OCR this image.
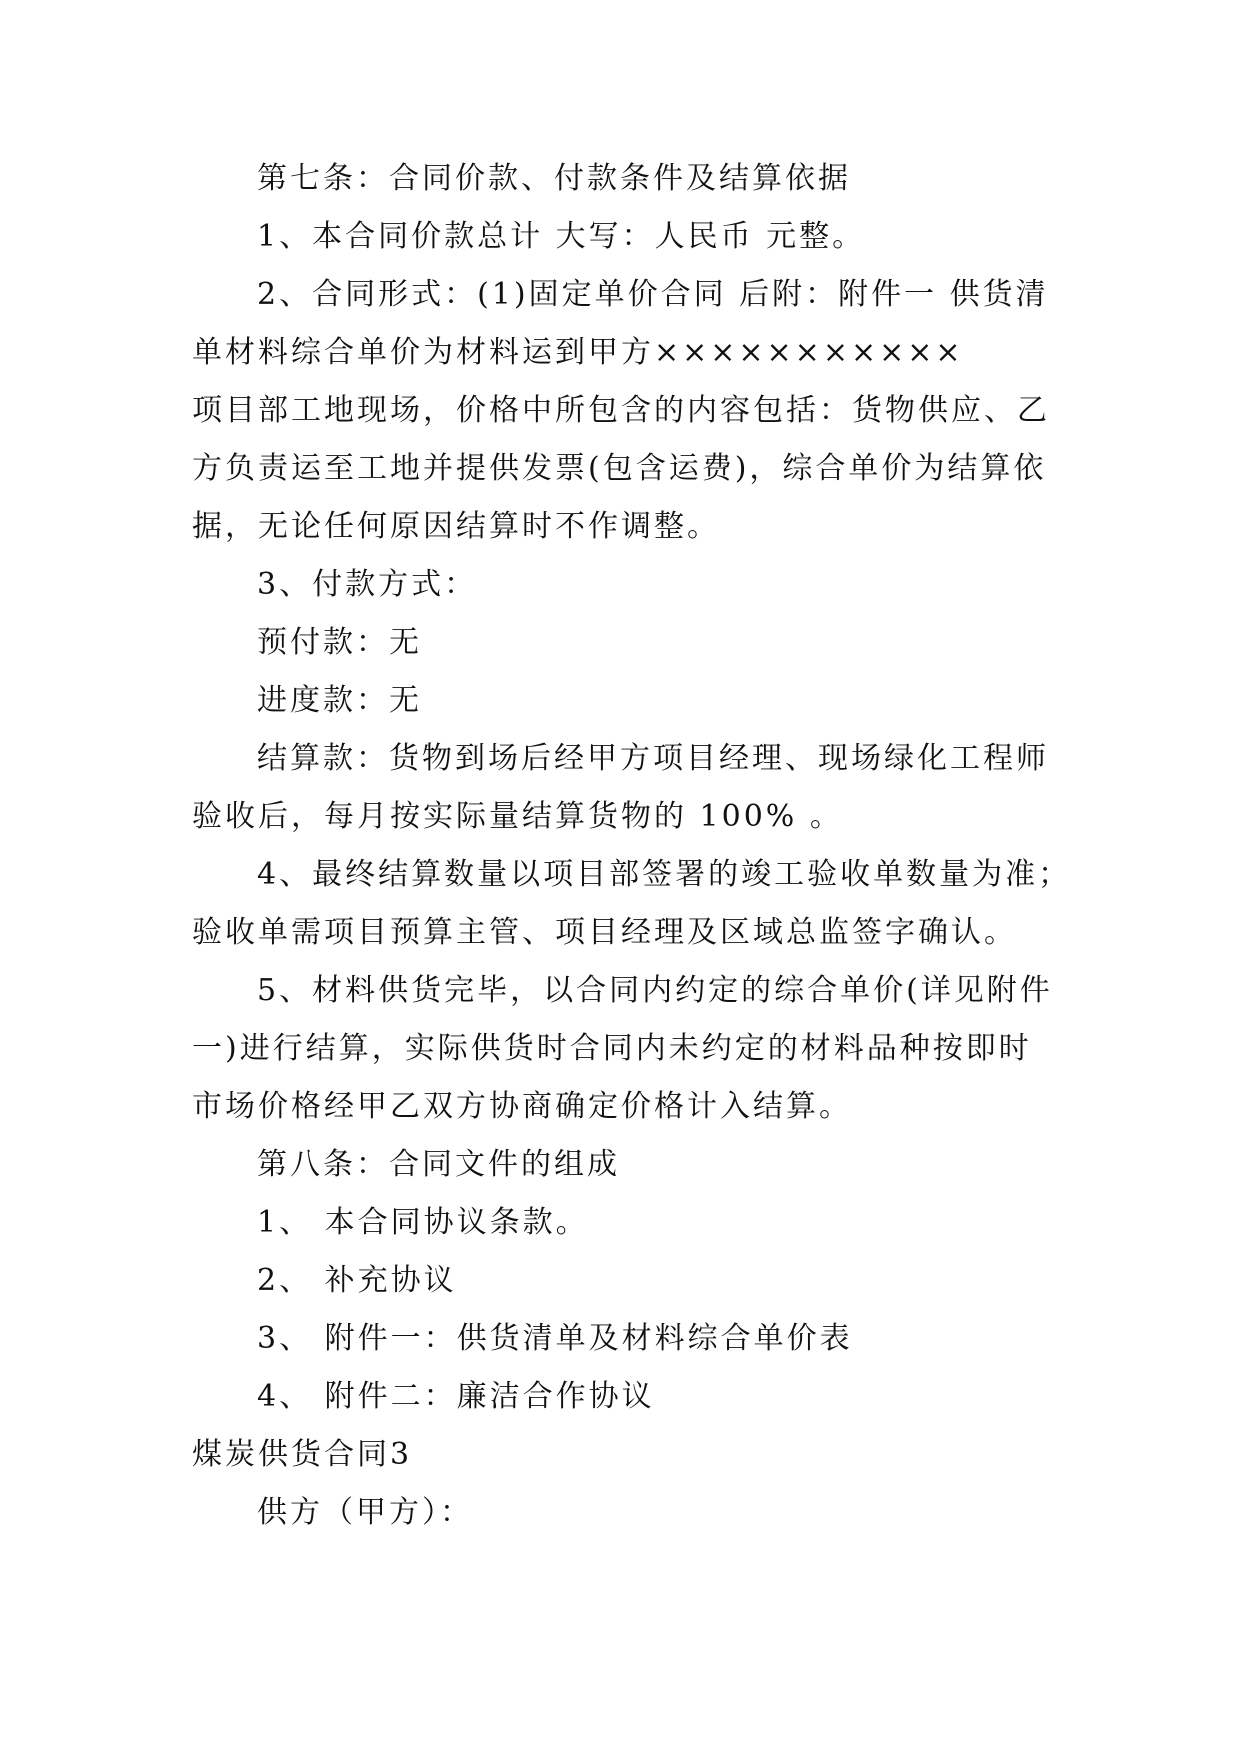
第七条：合同价款、付款条件及结算依据
1、本合同价款总计 大写：人民币 元整。
2、合同形式：(1)固定单价合同 后附：附件一 供货清
单材料综合单价为材料运到甲方×××××××××××
项目部工地现场，价格中所包含的内容包括：货物供应、乙
方负责运至工地并提供发票(包含运费)，综合单价为结算依
据，无论任何原因结算时不作调整。
3、付款方式：
预付款：无
进度款：无
结算款：货物到场后经甲方项目经理、现场绿化工程师
验收后，每月按实际量结算货物的 100% 。
4、最终结算数量以项目部签署的竣工验收单数量为准；
验收单需项目预算主管、项目经理及区域总监签字确认。
5、材料供货完毕，以合同内约定的综合单价(详见附件
一)进行结算，实际供货时合同内未约定的材料品种按即时
市场价格经甲乙双方协商确定价格计入结算。
第八条：合同文件的组成
1、 本合同协议条款。
2、 补充协议
3、 附件一：供货清单及材料综合单价表
4、 附件二：廉洁合作协议
煤炭供货合同3
供方（甲方）：
